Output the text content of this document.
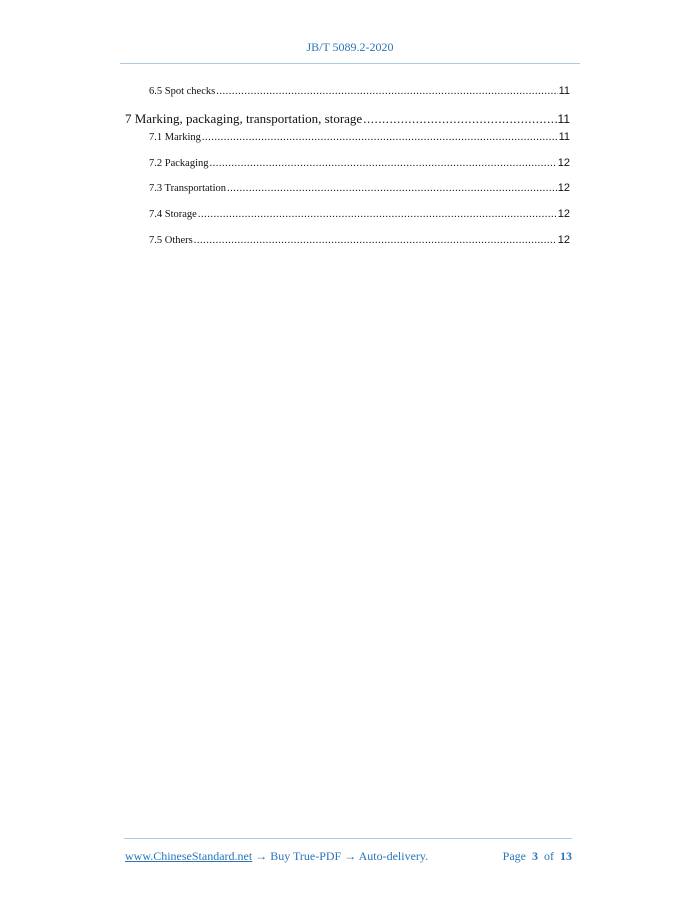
JB/T 5089.2-2020
6.5 Spot checks .....	11
7 Marking, packaging, transportation, storage .....	11
7.1 Marking .....	11
7.2 Packaging .....	12
7.3 Transportation .....	12
7.4 Storage .....	12
7.5 Others .....	12
www.ChineseStandard.net → Buy True-PDF → Auto-delivery.	Page 3 of 13
